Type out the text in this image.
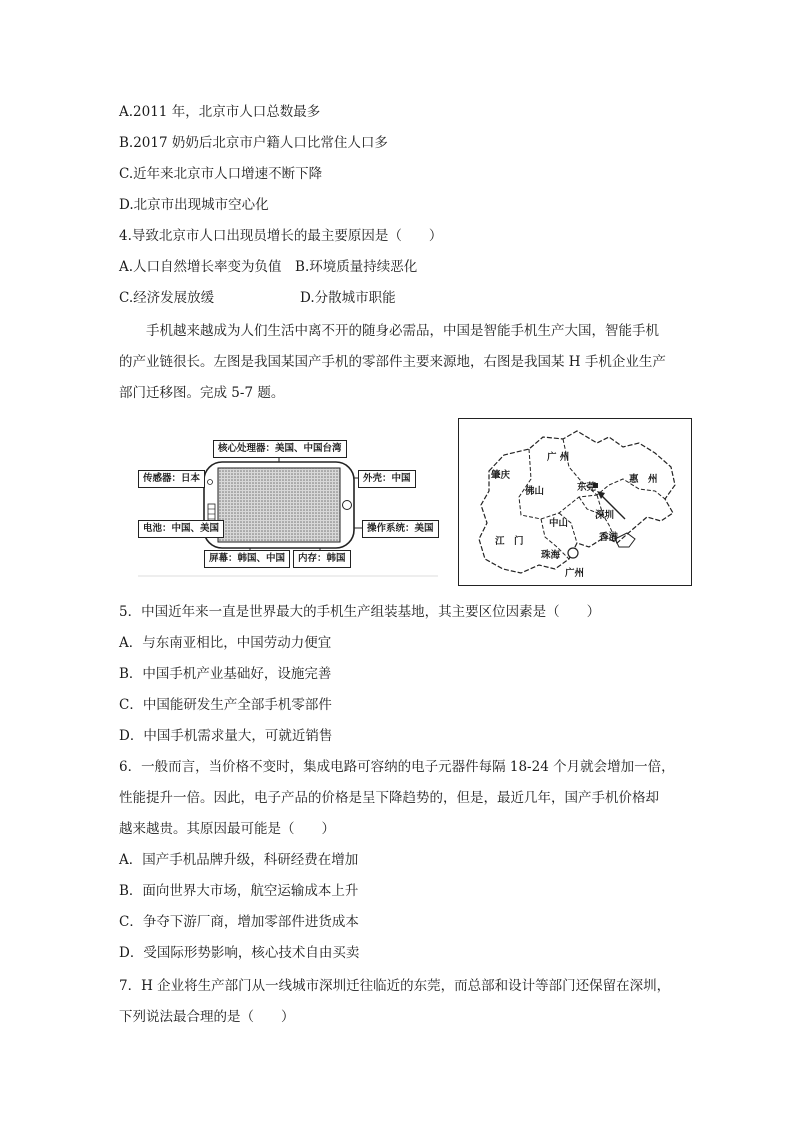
A.2011 年，北京市人口总数最多
B.2017 奶奶后北京市户籍人口比常住人口多
C.近年来北京市人口增速不断下降
D.北京市出现城市空心化
4.导致北京市人口出现员增长的最主要原因是（　　）
A.人口自然增长率变为负值　B.环境质量持续恶化
C.经济发展放缓	D.分散城市职能
手机越来越成为人们生活中离不开的随身必需品，中国是智能手机生产大国，智能手机
的产业链很长。左图是我国某国产手机的零部件主要来源地，右图是我国某 H 手机企业生产
部门迁移图。完成 5-7 题。
核心处理器：美国、中国台湾
传感器：日本	外壳：中国
电池：中国、美国	操作系统：美国
屏幕：韩国、中国	内存：韩国
广 州
肇庆
佛山	东莞
惠　州
深圳
中山
江　门
珠海
香港
广州
5．中国近年来一直是世界最大的手机生产组装基地，其主要区位因素是（　　）
A．与东南亚相比，中国劳动力便宜
B．中国手机产业基础好，设施完善
C．中国能研发生产全部手机零部件
D．中国手机需求量大，可就近销售
6．一般而言，当价格不变时，集成电路可容纳的电子元器件每隔 18-24 个月就会增加一倍，
性能提升一倍。因此，电子产品的价格是呈下降趋势的，但是，最近几年，国产手机价格却
越来越贵。其原因最可能是（　　）
A．国产手机品牌升级，科研经费在增加
B．面向世界大市场，航空运输成本上升
C．争夺下游厂商，增加零部件进货成本
D．受国际形势影响，核心技术自由买卖
7．H 企业将生产部门从一线城市深圳迁往临近的东莞，而总部和设计等部门还保留在深圳，
下列说法最合理的是（　　）
